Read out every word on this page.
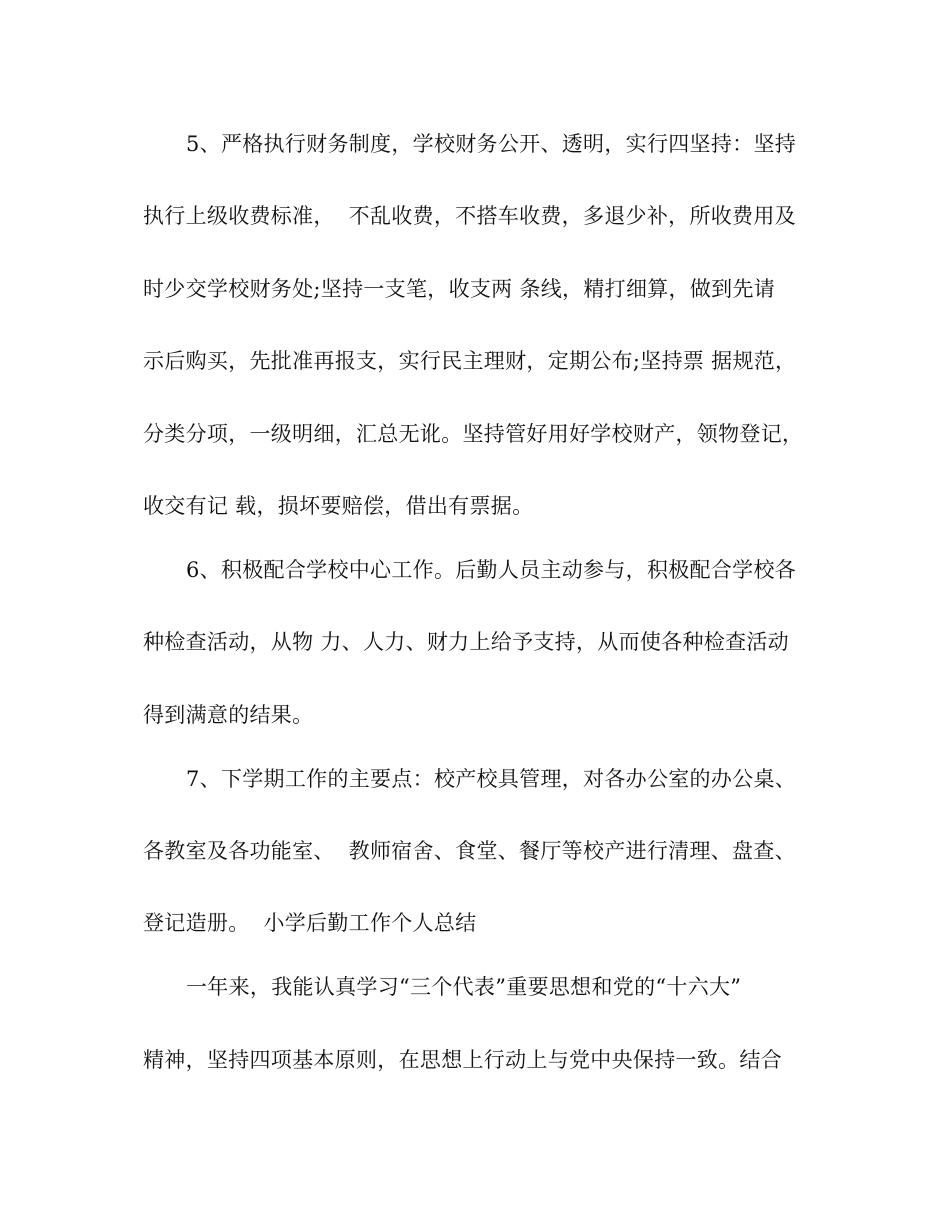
5、严格执行财务制度，学校财务公开、透明，实行四坚持：坚持
执行上级收费标准，  不乱收费，不搭车收费，多退少补，所收费用及
时少交学校财务处;坚持一支笔，收支两 条线，精打细算，做到先请
示后购买，先批准再报支，实行民主理财，定期公布;坚持票 据规范，
分类分项，一级明细，汇总无讹。坚持管好用好学校财产，领物登记，
收交有记 载，损坏要赔偿，借出有票据。
6、积极配合学校中心工作。后勤人员主动参与，积极配合学校各
种检查活动，从物 力、人力、财力上给予支持，从而使各种检查活动
得到满意的结果。
7、下学期工作的主要点：校产校具管理，对各办公室的办公桌、
各教室及各功能室、  教师宿舍、食堂、餐厅等校产进行清理、盘查、
登记造册。  小学后勤工作个人总结
一年来，我能认真学习“三个代表”重要思想和党的“十六大”
精神，坚持四项基本原则，在思想上行动上与党中央保持一致。结合
